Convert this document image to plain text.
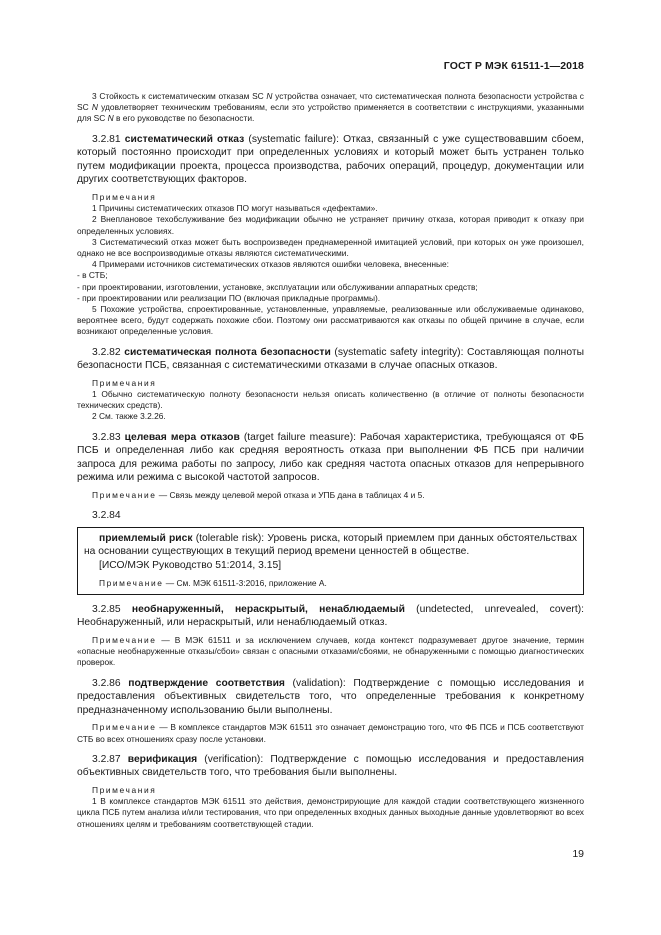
ГОСТ Р МЭК 61511-1—2018

3 Стойкость к систематическим отказам SC N устройства означает, что систематическая полнота безопасности устройства с SC N удовлетворяет техническим требованиям, если это устройство применяется в соответствии с инструкциями, указанными для SC N в его руководстве по безопасности.

3.2.81 систематический отказ (systematic failure): Отказ, связанный с уже существовавшим сбоем, который постоянно происходит при определенных условиях и который может быть устранен только путем модификации проекта, процесса производства, рабочих операций, процедур, документации или других соответствующих факторов.

Примечания

1 Причины систематических отказов ПО могут называться «дефектами».

2 Внеплановое техобслуживание без модификации обычно не устраняет причину отказа, которая приводит к отказу при определенных условиях.

3 Систематический отказ может быть воспроизведен преднамеренной имитацией условий, при которых он уже произошел, однако не все воспроизводимые отказы являются систематическими.

4 Примерами источников систематических отказов являются ошибки человека, внесенные:

- в СТБ;

- при проектировании, изготовлении, установке, эксплуатации или обслуживании аппаратных средств;

- при проектировании или реализации ПО (включая прикладные программы).

5 Похожие устройства, спроектированные, установленные, управляемые, реализованные или обслуживаемые одинаково, вероятнее всего, будут содержать похожие сбои. Поэтому они рассматриваются как отказы по общей причине в случае, если возникают определенные условия.

3.2.82 систематическая полнота безопасности (systematic safety integrity): Составляющая полноты безопасности ПСБ, связанная с систематическими отказами в случае опасных отказов.

Примечания

1 Обычно систематическую полноту безопасности нельзя описать количественно (в отличие от полноты безопасности технических средств).

2 См. также 3.2.26.

3.2.83 целевая мера отказов (target failure measure): Рабочая характеристика, требующаяся от ФБ ПСБ и определенная либо как средняя вероятность отказа при выполнении ФБ ПСБ при наличии запроса для режима работы по запросу, либо как средняя частота опасных отказов для непрерывного режима или режима с высокой частотой запросов.

Примечание — Связь между целевой мерой отказа и УПБ дана в таблицах 4 и 5.

3.2.84

приемлемый риск (tolerable risk): Уровень риска, который приемлем при данных обстоятельствах на основании существующих в текущий период времени ценностей в обществе.

[ИСО/МЭК Руководство 51:2014, 3.15]

Примечание — См. МЭК 61511-3:2016, приложение А.

3.2.85 необнаруженный, нераскрытый, ненаблюдаемый (undetected, unrevealed, covert): Необнаруженный, или нераскрытый, или ненаблюдаемый отказ.

Примечание — В МЭК 61511 и за исключением случаев, когда контекст подразумевает другое значение, термин «опасные необнаруженные отказы/сбои» связан с опасными отказами/сбоями, не обнаруженными с помощью диагностических проверок.

3.2.86 подтверждение соответствия (validation): Подтверждение с помощью исследования и предоставления объективных свидетельств того, что определенные требования к конкретному предназначенному использованию были выполнены.

Примечание — В комплексе стандартов МЭК 61511 это означает демонстрацию того, что ФБ ПСБ и ПСБ соответствуют СТБ во всех отношениях сразу после установки.

3.2.87 верификация (verification): Подтверждение с помощью исследования и предоставления объективных свидетельств того, что требования были выполнены.

Примечания

1 В комплексе стандартов МЭК 61511 это действия, демонстрирующие для каждой стадии соответствующего жизненного цикла ПСБ путем анализа и/или тестирования, что при определенных входных данных выходные данные удовлетворяют во всех отношениях целям и требованиям соответствующей стадии.

19
